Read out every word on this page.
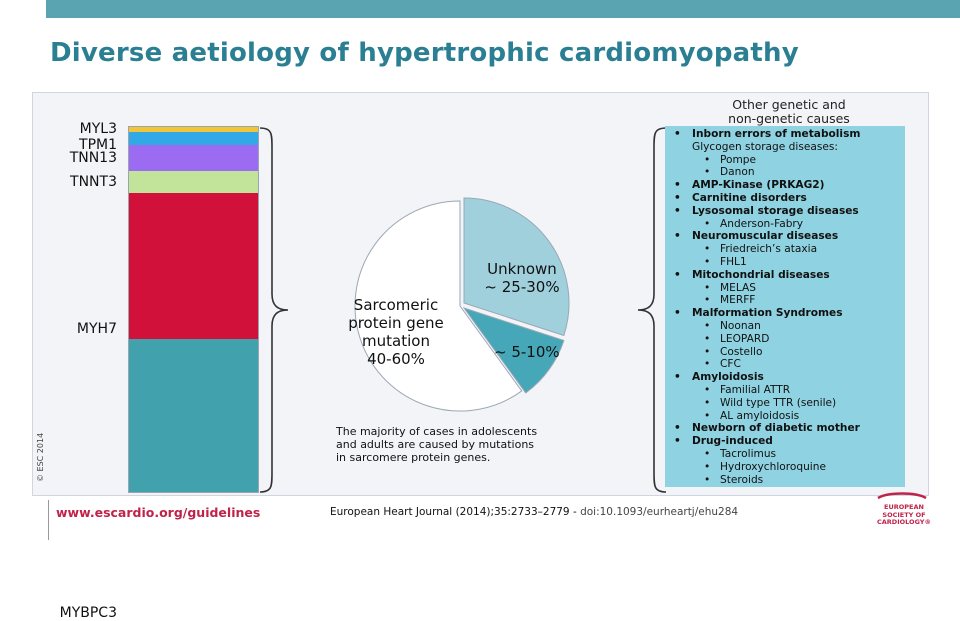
Diverse aetiology of hypertrophic cardiomyopathy
MYBPC3
MYH7
TNNT3
TNN13
TPM1
MYL3
Sarcomeric
protein gene
mutation
40-60%
Unknown
~ 25-30%
~ 5-10%
The majority of cases in adolescents
and adults are caused by mutations
in sarcomere protein genes.
Other genetic and
non-genetic causes
• Inborn errors of metabolism
Glycogen storage diseases:
• Pompe
• Danon
• AMP-Kinase (PRKAG2)
• Carnitine disorders
• Lysosomal storage diseases
• Anderson-Fabry
• Neuromuscular diseases
• Friedreich’s ataxia
• FHL1
• Mitochondrial diseases
• MELAS
• MERFF
• Malformation Syndromes
• Noonan
• LEOPARD
• Costello
• CFC
• Amyloidosis
• Familial ATTR
• Wild type TTR (senile)
• AL amyloidosis
• Newborn of diabetic mother
• Drug-induced
• Tacrolimus
• Hydroxychloroquine
• Steroids
© ESC 2014
www.escardio.org/guidelines	European Heart Journal (2014);35:2733–2779 - doi:10.1093/eurheartj/ehu284	EUROPEAN
SOCIETY OF
CARDIOLOGY®
